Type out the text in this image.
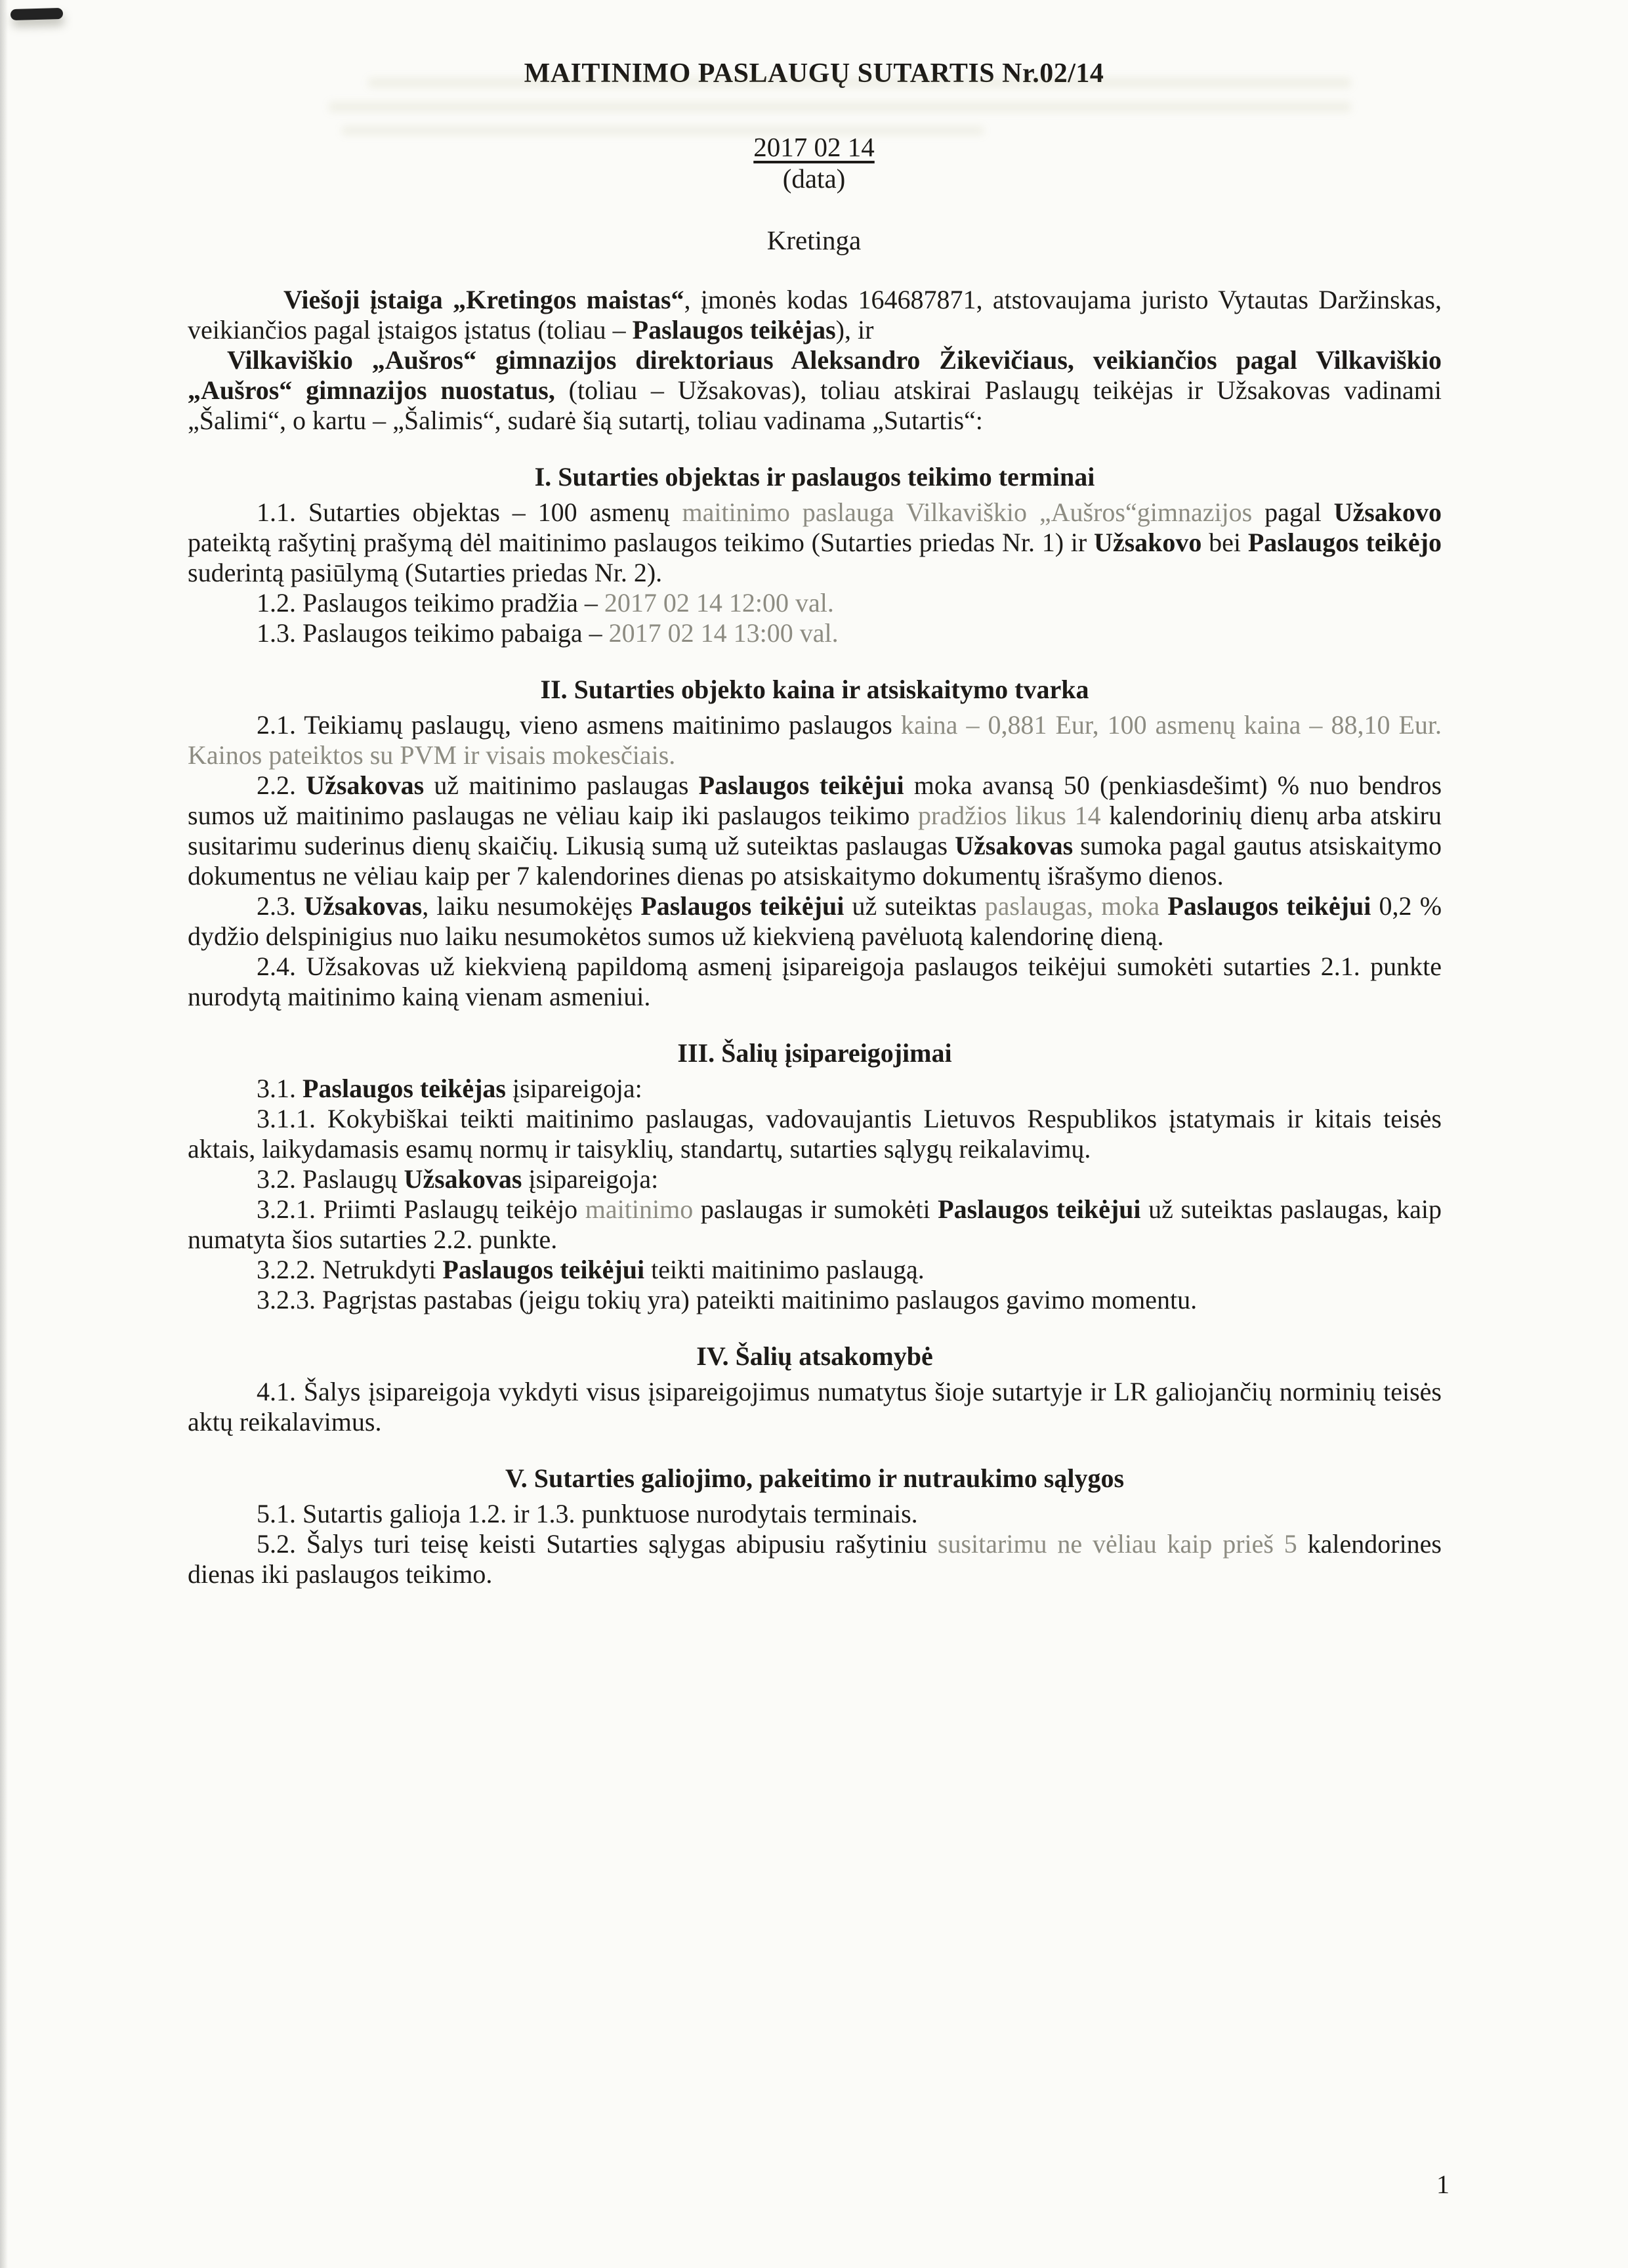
MAITINIMO PASLAUGŲ SUTARTIS Nr.02/14
2017 02 14
(data)
Kretinga

Viešoji įstaiga „Kretingos maistas“, įmonės kodas 164687871, atstovaujama juristo Vytautas Daržinskas, veikiančios pagal įstaigos įstatus (toliau – Paslaugos teikėjas), ir

Vilkaviškio „Aušros“ gimnazijos direktoriaus Aleksandro Žikevičiaus, veikiančios pagal Vilkaviškio „Aušros“ gimnazijos nuostatus, (toliau – Užsakovas), toliau atskirai Paslaugų teikėjas ir Užsakovas vadinami „Šalimi“, o kartu – „Šalimis“, sudarė šią sutartį, toliau vadinama „Sutartis“:

I. Sutarties objektas ir paslaugos teikimo terminai

1.1. Sutarties objektas – 100 asmenų maitinimo paslauga Vilkaviškio „Aušros“gimnazijos pagal Užsakovo pateiktą rašytinį prašymą dėl maitinimo paslaugos teikimo (Sutarties priedas Nr. 1) ir Užsakovo bei Paslaugos teikėjo suderintą pasiūlymą (Sutarties priedas Nr. 2).

1.2. Paslaugos teikimo pradžia – 2017 02 14 12:00 val.

1.3. Paslaugos teikimo pabaiga – 2017 02 14 13:00 val.

II. Sutarties objekto kaina ir atsiskaitymo tvarka

2.1. Teikiamų paslaugų, vieno asmens maitinimo paslaugos kaina – 0,881 Eur, 100 asmenų kaina – 88,10 Eur. Kainos pateiktos su PVM ir visais mokesčiais.

2.2. Užsakovas už maitinimo paslaugas Paslaugos teikėjui moka avansą 50 (penkiasdešimt) % nuo bendros sumos už maitinimo paslaugas ne vėliau kaip iki paslaugos teikimo pradžios likus 14 kalendorinių dienų arba atskiru susitarimu suderinus dienų skaičių. Likusią sumą už suteiktas paslaugas Užsakovas sumoka pagal gautus atsiskaitymo dokumentus ne vėliau kaip per 7 kalendorines dienas po atsiskaitymo dokumentų išrašymo dienos.

2.3. Užsakovas, laiku nesumokėjęs Paslaugos teikėjui už suteiktas paslaugas, moka Paslaugos teikėjui 0,2 % dydžio delspinigius nuo laiku nesumokėtos sumos už kiekvieną pavėluotą kalendorinę dieną.

2.4. Užsakovas už kiekvieną papildomą asmenį įsipareigoja paslaugos teikėjui sumokėti sutarties 2.1. punkte nurodytą maitinimo kainą vienam asmeniui.

III. Šalių įsipareigojimai

3.1. Paslaugos teikėjas įsipareigoja:

3.1.1. Kokybiškai teikti maitinimo paslaugas, vadovaujantis Lietuvos Respublikos įstatymais ir kitais teisės aktais, laikydamasis esamų normų ir taisyklių, standartų, sutarties sąlygų reikalavimų.

3.2. Paslaugų Užsakovas įsipareigoja:

3.2.1. Priimti Paslaugų teikėjo maitinimo paslaugas ir sumokėti Paslaugos teikėjui už suteiktas paslaugas, kaip numatyta šios sutarties 2.2. punkte.

3.2.2. Netrukdyti Paslaugos teikėjui teikti maitinimo paslaugą.

3.2.3. Pagrįstas pastabas (jeigu tokių yra) pateikti maitinimo paslaugos gavimo momentu.

IV. Šalių atsakomybė

4.1. Šalys įsipareigoja vykdyti visus įsipareigojimus numatytus šioje sutartyje ir LR galiojančių norminių teisės aktų reikalavimus.

V. Sutarties galiojimo, pakeitimo ir nutraukimo sąlygos

5.1. Sutartis galioja 1.2. ir 1.3. punktuose nurodytais terminais.

5.2. Šalys turi teisę keisti Sutarties sąlygas abipusiu rašytiniu susitarimu ne vėliau kaip prieš 5 kalendorines dienas iki paslaugos teikimo.

1
